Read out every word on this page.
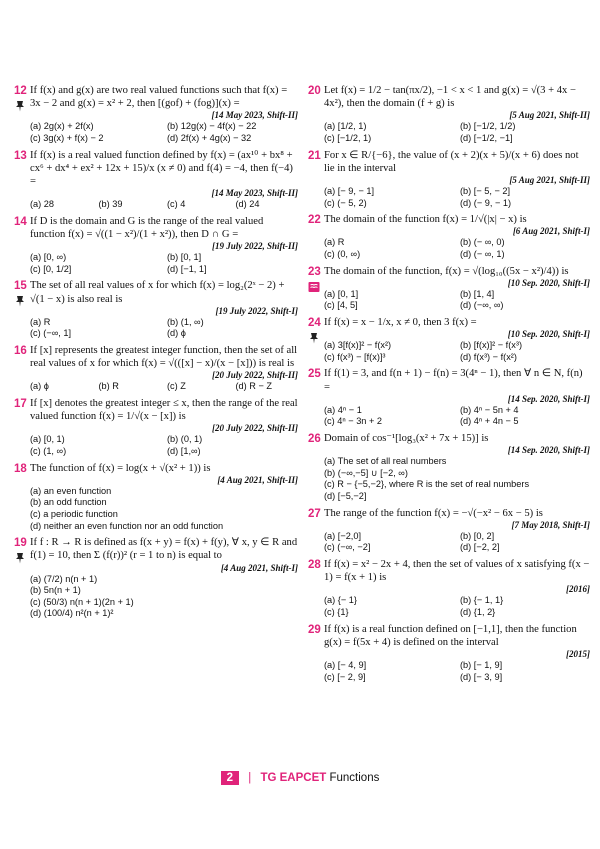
12 If f(x) and g(x) are two real valued functions such that f(x) = 3x − 2 and g(x) = x² + 2, then [(gof) + (fog)](x) =
[14 May 2023, Shift-II]
(a) 2g(x) + 2f(x)	(b) 12g(x) − 4f(x) − 22
(c) 3g(x) + f(x) − 2	(d) 2f(x) + 4g(x) − 32
13 If f(x) is a real valued function defined by f(x) = (ax¹⁰ + bx⁸ + cx⁶ + dx⁴ + ex² + 12x + 15)/x (x ≠ 0) and f(4) = −4, then f(−4) =
[14 May 2023, Shift-II]
(a) 28	(b) 39	(c) 4	(d) 24
14 If D is the domain and G is the range of the real valued function f(x) = √((1 − x²)/(1 + x²)), then D ∩ G =
[19 July 2022, Shift-II]
(a) [0, ∞)	(b) [0, 1]
(c) [0, 1/2]	(d) [−1, 1]
15 The set of all real values of x for which f(x) = log₂(2ˣ − 2) + √(1 − x) is also real is
[19 July 2022, Shift-I]
(a) R	(b) (1, ∞)
(c) (−∞, 1]	(d) ϕ
16 If [x] represents the greatest integer function, then the set of all real values of x for which f(x) = √(([x] − x)/(x − [x])) is real is
[20 July 2022, Shift-II]
(a) ϕ	(b) R	(c) Z	(d) R − Z
17 If [x] denotes the greatest integer ≤ x, then the range of the real valued function f(x) = 1/√(x − [x]) is
[20 July 2022, Shift-II]
(a) [0, 1)	(b) (0, 1)
(c) (1, ∞)	(d) [1,∞)
18 The function of f(x) = log(x + √(x² + 1)) is
[4 Aug 2021, Shift-II]
(a) an even function
(b) an odd function
(c) a periodic function
(d) neither an even function nor an odd function
19 If f : R → R is defined as f(x + y) = f(x) + f(y), ∀ x, y ∈ R and f(1) = 10, then Σ (f(r))² (r = 1 to n) is equal to
[4 Aug 2021, Shift-I]
(a) (7/2) n(n + 1)
(b) 5n(n + 1)
(c) (50/3) n(n + 1)(2n + 1)
(d) (100/4) n²(n + 1)²
20 Let f(x) = 1/2 − tan(πx/2), −1 < x < 1 and g(x) = √(3 + 4x − 4x²), then the domain (f + g) is
[5 Aug 2021, Shift-II]
(a) [1/2, 1)	(b) [−1/2, 1/2)
(c) [−1/2, 1)	(d) [−1/2, −1]
21 For x ∈ R/{−6}, the value of (x + 2)(x + 5)/(x + 6) does not lie in the interval
[5 Aug 2021, Shift-II]
(a) [− 9, − 1]	(b) [− 5, − 2]
(c) (− 5, 2)	(d) (− 9, − 1)
22 The domain of the function f(x) = 1/√(|x| − x) is
[6 Aug 2021, Shift-I]
(a) R	(b) (− ∞, 0)
(c) (0, ∞)	(d) (− ∞, 1)
23 The domain of the function, f(x) = √(log₁₀((5x − x²)/4)) is
[10 Sep. 2020, Shift-I]
(a) [0, 1]	(b) [1, 4]
(c) [4, 5]	(d) (−∞, ∞)
24 If f(x) = x − 1/x, x ≠ 0, then 3 f(x) =
[10 Sep. 2020, Shift-I]
(a) 3[f(x)]² − f(x²)	(b) [f(x)]² − f(x³)
(c) f(x³) − [f(x)]³	(d) f(x³) − f(x²)
25 If f(1) = 3, and f(n + 1) − f(n) = 3(4ⁿ − 1), then ∀ n ∈ N, f(n) =
[14 Sep. 2020, Shift-I]
(a) 4ⁿ − 1	(b) 4ⁿ − 5n + 4
(c) 4ⁿ − 3n + 2	(d) 4ⁿ + 4n − 5
26 Domain of cos⁻¹[log₃(x² + 7x + 15)] is
[14 Sep. 2020, Shift-I]
(a) The set of all real numbers
(b) (−∞,−5] ∪ [−2, ∞)
(c) R − {−5,−2}, where R is the set of real numbers
(d) [−5,−2]
27 The range of the function f(x) = −√(−x² − 6x − 5) is
[7 May 2018, Shift-I]
(a) [−2,0]	(b) [0, 2]
(c) (−∞, −2]	(d) [−2, 2]
28 If f(x) = x² − 2x + 4, then the set of values of x satisfying f(x − 1) = f(x + 1) is
[2016]
(a) {− 1}	(b) {− 1, 1}
(c) {1}	(d) {1, 2}
29 If f(x) is a real function defined on [−1,1], then the function g(x) = f(5x + 4) is defined on the interval
[2015]
(a) [− 4, 9]	(b) [− 1, 9]
(c) [− 2, 9]	(d) [− 3, 9]
2 | TG EAPCET Functions
